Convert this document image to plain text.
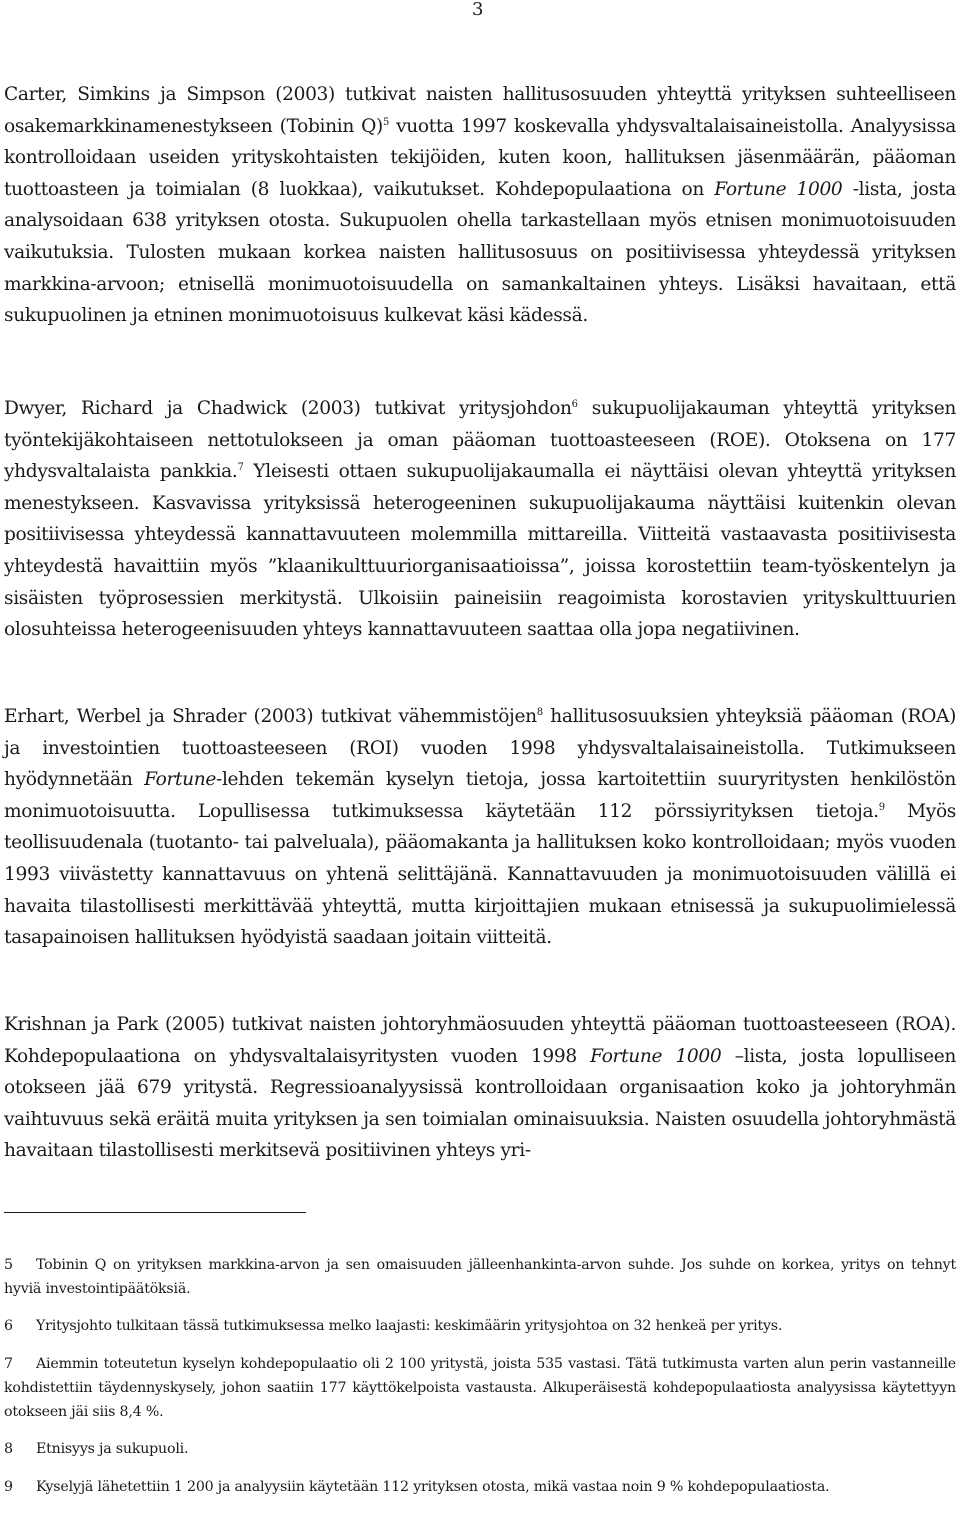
3

Carter, Simkins ja Simpson (2003) tutkivat naisten hallitusosuuden yhteyttä yrityksen suhteelliseen osakemarkkinamenestykseen (Tobinin Q)$^5$ vuotta 1997 koskevalla yhdysvaltalaisaineistolla. Analyysissa kontrolloidaan useiden yrityskohtaisten tekijöiden, kuten koon, hallituksen jäsenmäärän, pääoman tuottoasteen ja toimialan (8 luokkaa), vaikutukset. Kohdepopulaationa on Fortune 1000 -lista, josta analysoidaan 638 yrityksen otosta. Sukupuolen ohella tarkastellaan myös etnisen monimuotoisuuden vaikutuksia. Tulosten mukaan korkea naisten hallitusosuus on positiivisessa yhteydessä yrityksen markkina-arvoon; etnisellä monimuotoisuudella on samankaltainen yhteys. Lisäksi havaitaan, että sukupuolinen ja etninen monimuotoisuus kulkevat käsi kädessä.

Dwyer, Richard ja Chadwick (2003) tutkivat yritysjohdon$^6$ sukupuolijakauman yhteyttä yrityksen työntekijäkohtaiseen nettotulokseen ja oman pääoman tuottoasteeseen (ROE). Otoksena on 177 yhdysvaltalaista pankkia.$^7$ Yleisesti ottaen sukupuolijakaumalla ei näyttäisi olevan yhteyttä yrityksen menestykseen. Kasvavissa yrityksissä heterogeeninen sukupuolijakauma näyttäisi kuitenkin olevan positiivisessa yhteydessä kannattavuuteen molemmilla mittareilla. Viitteitä vastaavasta positiivisesta yhteydestä havaittiin myös ”klaanikulttuuriorganisaatioissa”, joissa korostettiin team-työskentelyn ja sisäisten työprosessien merkitystä. Ulkoisiin paineisiin reagoimista korostavien yrityskulttuurien olosuhteissa heterogeenisuuden yhteys kannattavuuteen saattaa olla jopa negatiivinen.

Erhart, Werbel ja Shrader (2003) tutkivat vähemmistöjen$^8$ hallitusosuuksien yhteyksiä pääoman (ROA) ja investointien tuottoasteeseen (ROI) vuoden 1998 yhdysvaltalaisaineistolla. Tutkimukseen hyödynnetään Fortune-lehden tekemän kyselyn tietoja, jossa kartoitettiin suuryritysten henkilöstön monimuotoisuutta. Lopullisessa tutkimuksessa käytetään 112 pörssiyrityksen tietoja.$^9$ Myös teollisuudenala (tuotanto- tai palveluala), pääomakanta ja hallituksen koko kontrolloidaan; myös vuoden 1993 viivästetty kannattavuus on yhtenä selittäjänä. Kannattavuuden ja monimuotoisuuden välillä ei havaita tilastollisesti merkittävää yhteyttä, mutta kirjoittajien mukaan etnisessä ja sukupuolimielessä tasapainoisen hallituksen hyödyistä saadaan joitain viitteitä.

Krishnan ja Park (2005) tutkivat naisten johtoryhmäosuuden yhteyttä pääoman tuottoasteeseen (ROA). Kohdepopulaationa on yhdysvaltalaisyritysten vuoden 1998 Fortune 1000 –lista, josta lopulliseen otokseen jää 679 yritystä. Regressioanalyysissä kontrolloidaan organisaation koko ja johtoryhmän vaihtuvuus sekä eräitä muita yrityksen ja sen toimialan ominaisuuksia. Naisten osuudella johtoryhmästä havaitaan tilastollisesti merkitsevä positiivinen yhteys yri-

5 Tobinin Q on yrityksen markkina-arvon ja sen omaisuuden jälleenhankinta-arvon suhde. Jos suhde on korkea, yritys on tehnyt hyviä investointipäätöksiä.

6 Yritysjohto tulkitaan tässä tutkimuksessa melko laajasti: keskimäärin yritysjohtoa on 32 henkeä per yritys.

7 Aiemmin toteutetun kyselyn kohdepopulaatio oli 2 100 yritystä, joista 535 vastasi. Tätä tutkimusta varten alun perin vastanneille kohdistettiin täydennyskysely, johon saatiin 177 käyttökelpoista vastausta. Alkuperäisestä kohdepopulaatiosta analyysissa käytettyyn otokseen jäi siis 8,4 %.

8 Etnisyys ja sukupuoli.

9 Kyselyjä lähetettiin 1 200 ja analyysiin käytetään 112 yrityksen otosta, mikä vastaa noin 9 % kohdepopulaatiosta.
